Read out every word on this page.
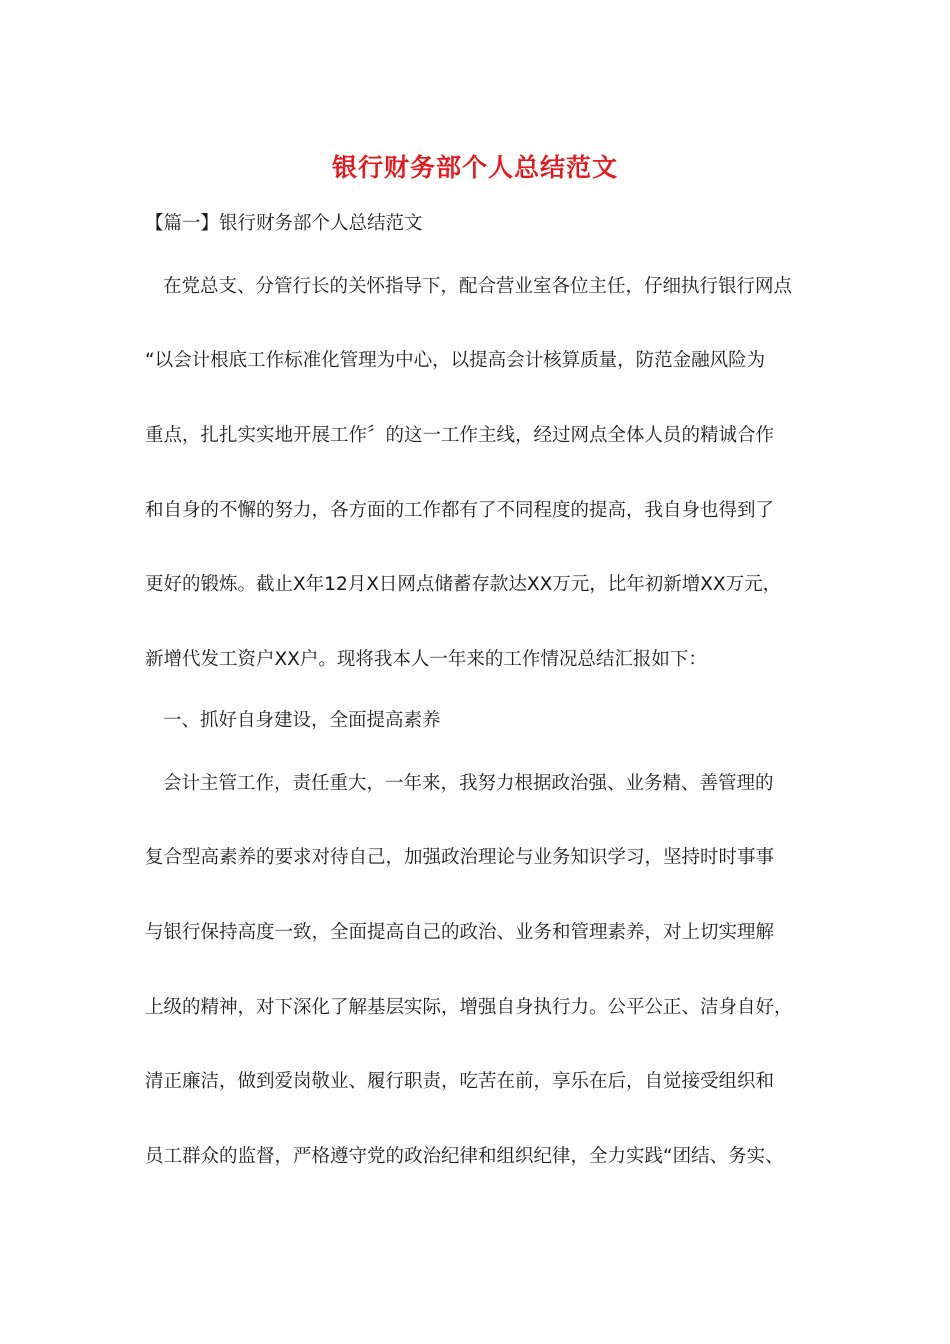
银行财务部个人总结范文
【篇一】银行财务部个人总结范文
在党总支、分管行长的关怀指导下，配合营业室各位主任，仔细执行银行网点
“以会计根底工作标准化管理为中心，以提高会计核算质量，防范金融风险为
重点，扎扎实实地开展工作〞的这一工作主线，经过网点全体人员的精诚合作
和自身的不懈的努力，各方面的工作都有了不同程度的提高，我自身也得到了
更好的锻炼。截止X年12月X日网点储蓄存款达XX万元，比年初新增XX万元，
新增代发工资户XX户。现将我本人一年来的工作情况总结汇报如下：
一、抓好自身建设，全面提高素养
会计主管工作，责任重大，一年来，我努力根据政治强、业务精、善管理的
复合型高素养的要求对待自己，加强政治理论与业务知识学习，坚持时时事事
与银行保持高度一致，全面提高自己的政治、业务和管理素养，对上切实理解
上级的精神，对下深化了解基层实际，增强自身执行力。公平公正、洁身自好，
清正廉洁，做到爱岗敬业、履行职责，吃苦在前，享乐在后，自觉接受组织和
员工群众的监督，严格遵守党的政治纪律和组织纪律，全力实践“团结、务实、
